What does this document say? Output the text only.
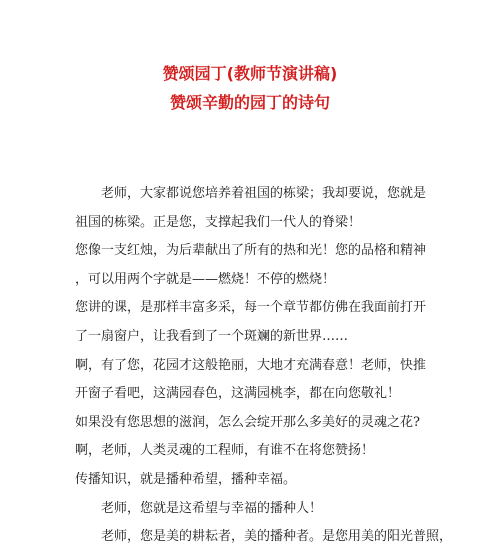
赞颂园丁(教师节演讲稿)
赞颂辛勤的园丁的诗句
老师，大家都说您培养着祖国的栋梁；我却要说，您就是
祖国的栋梁。正是您，支撑起我们一代人的脊梁！
您像一支红烛，为后辈献出了所有的热和光！您的品格和精神
，可以用两个字就是——燃烧！不停的燃烧！
您讲的课，是那样丰富多采，每一个章节都仿佛在我面前打开
了一扇窗户，让我看到了一个斑斓的新世界……
啊，有了您，花园才这般艳丽，大地才充满春意！老师，快推
开窗子看吧，这满园春色，这满园桃李，都在向您敬礼！
如果没有您思想的滋润，怎么会绽开那么多美好的灵魂之花?
啊，老师，人类灵魂的工程师，有谁不在将您赞扬！
传播知识，就是播种希望，播种幸福。
老师，您就是这希望与幸福的播种人！
老师，您是美的耕耘者，美的播种者。是您用美的阳光普照，
